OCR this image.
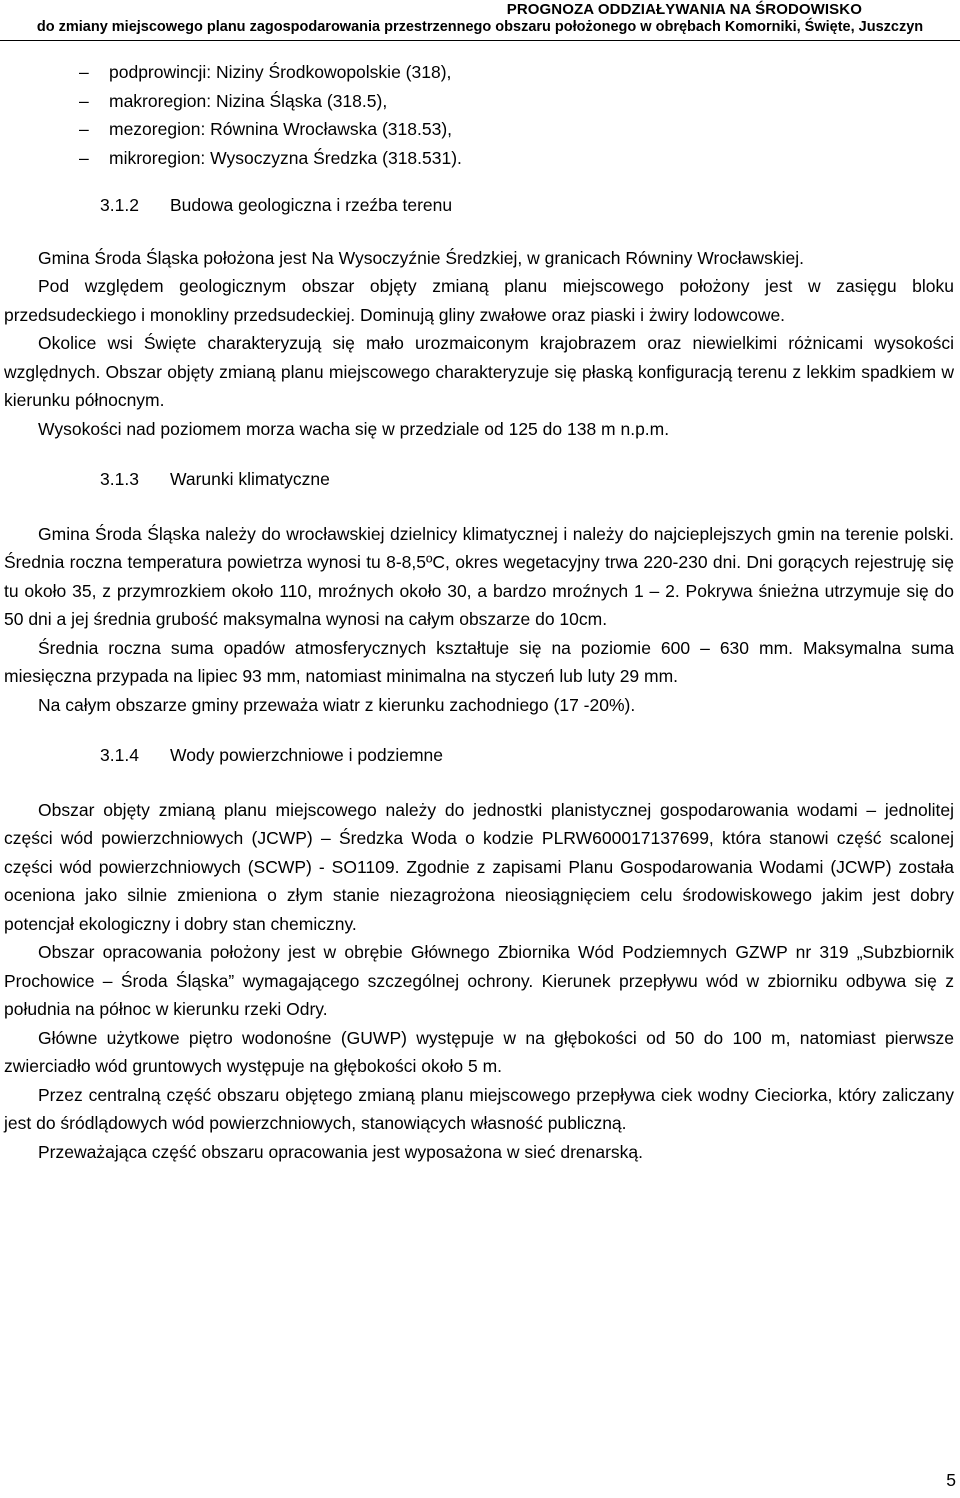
PROGNOZA ODDZIAŁYWANIA NA ŚRODOWISKO
do zmiany miejscowego planu zagospodarowania przestrzennego obszaru położonego w obrębach Komorniki, Święte, Juszczyn
– podprowincji: Niziny Środkowopolskie (318),
– makroregion: Nizina Śląska (318.5),
– mezoregion: Równina Wrocławska (318.53),
– mikroregion: Wysoczyzna Średzka (318.531).
3.1.2 Budowa geologiczna i rzeźba terenu

Gmina Środa Śląska położona jest Na Wysoczyźnie Średzkiej, w granicach Równiny Wrocławskiej.

Pod względem geologicznym obszar objęty zmianą planu miejscowego położony jest w zasięgu bloku przedsudeckiego i monokliny przedsudeckiej. Dominują gliny zwałowe oraz piaski i żwiry lodowcowe.

Okolice wsi Święte charakteryzują się mało urozmaiconym krajobrazem oraz niewielkimi różnicami wysokości względnych. Obszar objęty zmianą planu miejscowego charakteryzuje się płaską konfiguracją terenu z lekkim spadkiem w kierunku północnym.

Wysokości nad poziomem morza wacha się w przedziale od 125 do 138 m n.p.m.

3.1.3 Warunki klimatyczne

Gmina Środa Śląska należy do wrocławskiej dzielnicy klimatycznej i należy do najcieplejszych gmin na terenie polski. Średnia roczna temperatura powietrza wynosi tu 8-8,5ºC, okres wegetacyjny trwa 220-230 dni. Dni gorących rejestruję się tu około 35, z przymrozkiem około 110, mroźnych około 30, a bardzo mroźnych 1 – 2. Pokrywa śnieżna utrzymuje się do 50 dni a jej średnia grubość maksymalna wynosi na całym obszarze do 10cm.

Średnia roczna suma opadów atmosferycznych kształtuje się na poziomie 600 – 630 mm. Maksymalna suma miesięczna przypada na lipiec 93 mm, natomiast minimalna na styczeń lub luty 29 mm.

Na całym obszarze gminy przeważa wiatr z kierunku zachodniego (17 -20%).

3.1.4 Wody powierzchniowe i podziemne

Obszar objęty zmianą planu miejscowego należy do jednostki planistycznej gospodarowania wodami – jednolitej części wód powierzchniowych (JCWP) – Średzka Woda o kodzie PLRW600017137699, która stanowi część scalonej części wód powierzchniowych (SCWP) - SO1109. Zgodnie z zapisami Planu Gospodarowania Wodami (JCWP) została oceniona jako silnie zmieniona o złym stanie niezagrożona nieosiągnięciem celu środowiskowego jakim jest dobry potencjał ekologiczny i dobry stan chemiczny.

Obszar opracowania położony jest w obrębie Głównego Zbiornika Wód Podziemnych GZWP nr 319 „Subzbiornik Prochowice – Środa Śląska” wymagającego szczególnej ochrony. Kierunek przepływu wód w zbiorniku odbywa się z południa na północ w kierunku rzeki Odry.

Główne użytkowe piętro wodonośne (GUWP) występuje w na głębokości od 50 do 100 m, natomiast pierwsze zwierciadło wód gruntowych występuje na głębokości około 5 m.

Przez centralną część obszaru objętego zmianą planu miejscowego przepływa ciek wodny Cieciorka, który zaliczany jest do śródlądowych wód powierzchniowych, stanowiących własność publiczną.

Przeważająca część obszaru opracowania jest wyposażona w sieć drenarską.

5
